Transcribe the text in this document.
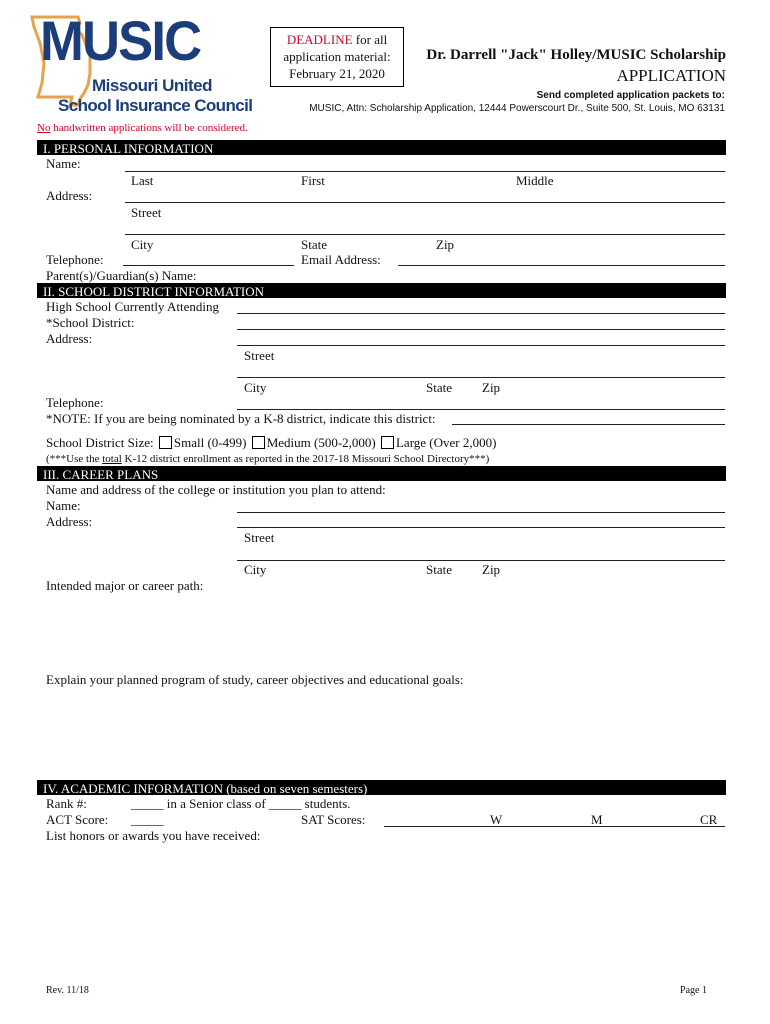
MUSIC
Missouri United
School Insurance Council
DEADLINE for all
application material:
February 21, 2020
Dr. Darrell "Jack" Holley/MUSIC Scholarship
APPLICATION
Send completed application packets to:
MUSIC, Attn: Scholarship Application, 12444 Powerscourt Dr., Suite 500, St. Louis, MO 63131
No handwritten applications will be considered.
I. PERSONAL INFORMATION
Name:
Last	First	Middle
Address:
Street
City	State	Zip
Telephone:	Email Address:
Parent(s)/Guardian(s) Name:
II. SCHOOL DISTRICT INFORMATION
High School Currently Attending
*School District:
Address:
Street
City	State Zip
Telephone:
*NOTE: If you are being nominated by a K-8 district, indicate this district:
School District Size: Small (0-499) Medium (500-2,000) Large (Over 2,000)
(***Use the total K-12 district enrollment as reported in the 2017-18 Missouri School Directory***)
III. CAREER PLANS
Name and address of the college or institution you plan to attend:
Name:
Address:
Street
City	State Zip
Intended major or career path:
Explain your planned program of study, career objectives and educational goals:
IV. ACADEMIC INFORMATION (based on seven semesters)
Rank #:	_____ in a Senior class of _____ students.
ACT Score: _____	SAT Scores:	W	M	CR
List honors or awards you have received:
Rev. 11/18	Page 1
